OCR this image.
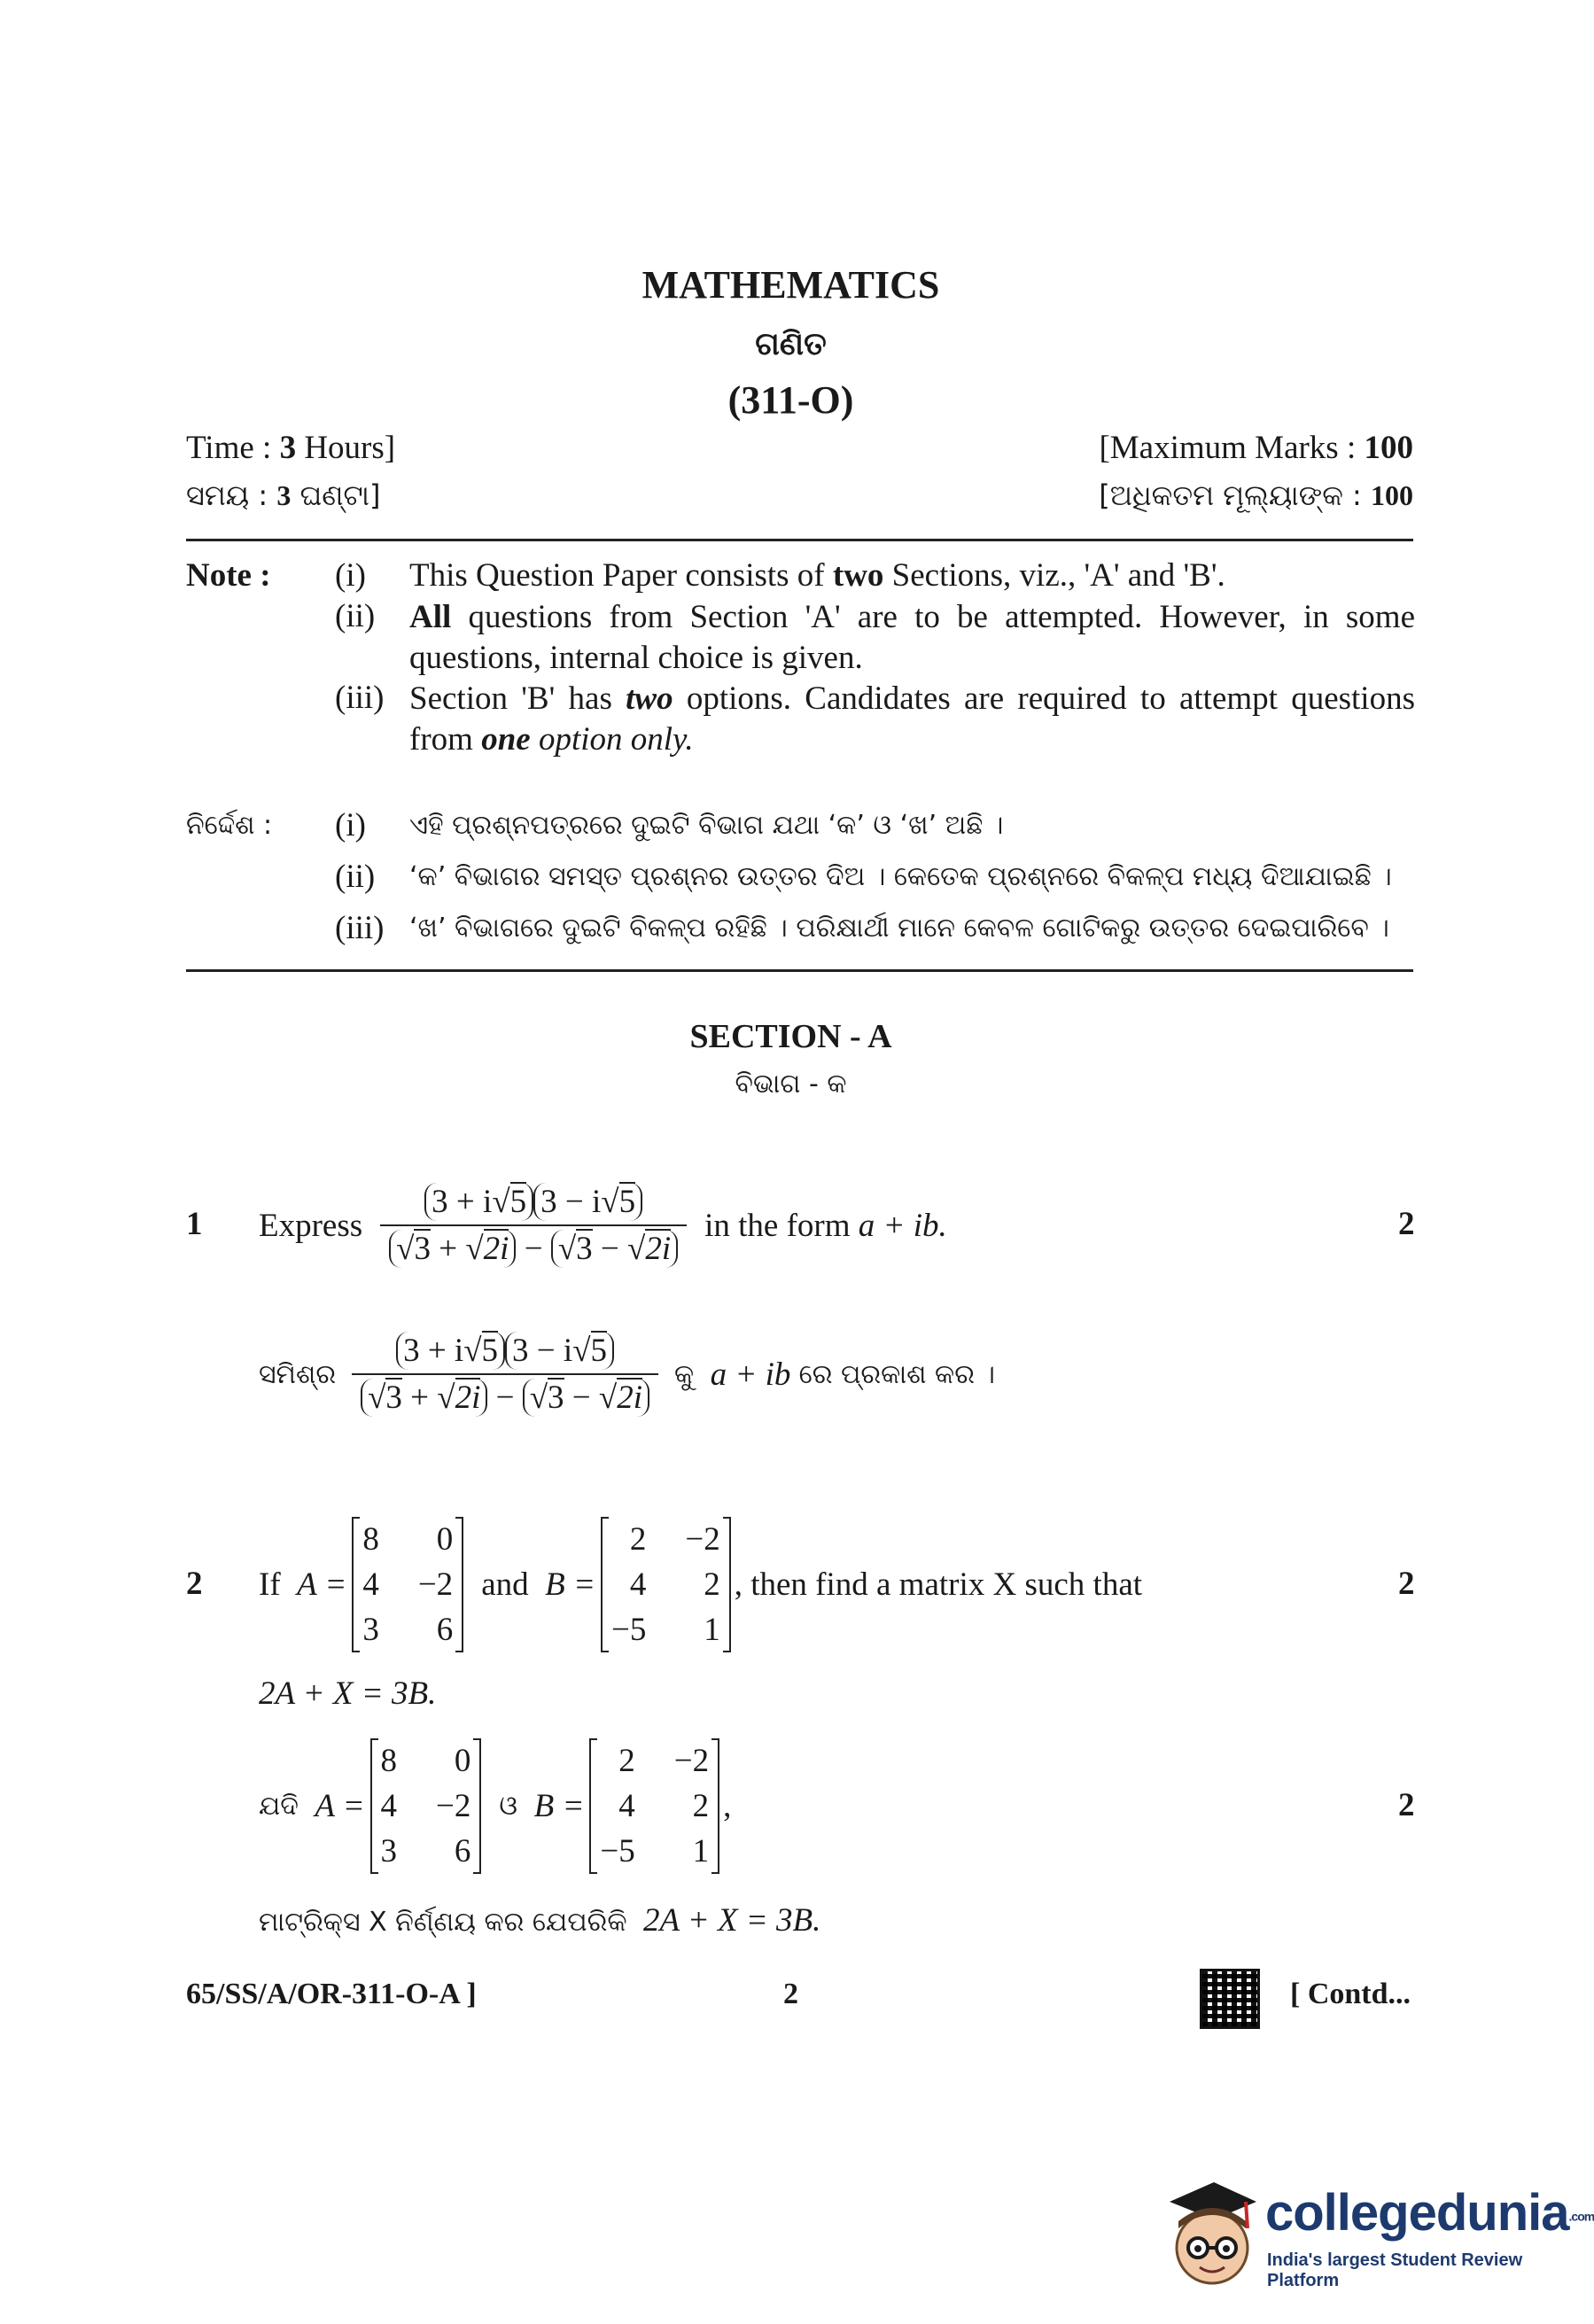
MATHEMATICS
ଗଣିତ
(311-O)
Time : 3 Hours]	[Maximum Marks : 100
ସମୟ : 3 ଘଣ୍ଟା]	[ଅଧିକତମ ମୂଲ୍ୟାଙ୍କ : 100
Note : (i) This Question Paper consists of two Sections, viz., 'A' and 'B'.
(ii) All questions from Section 'A' are to be attempted. However, in some questions, internal choice is given.
(iii) Section 'B' has two options. Candidates are required to attempt questions from one option only.
ନିର୍ଦ୍ଦେଶ : (i) ଏହି ପ୍ରଶ୍ନପତ୍ରରେ ଦୁଇଟି ବିଭାଗ ଯଥା ‘କ’ ଓ ‘ଖ’ ଅଛି ।
(ii) ‘କ’ ବିଭାଗର ସମସ୍ତ ପ୍ରଶ୍ନର ଉତ୍ତର ଦିଅ । କେତେକ ପ୍ରଶ୍ନରେ ବିକଳ୍ପ ମଧ୍ୟ ଦିଆଯାଇଛି ।
(iii) ‘ଖ’ ବିଭାଗରେ ଦୁଇଟି ବିକଳ୍ପ ରହିଛି । ପରିକ୍ଷାର୍ଥୀ ମାନେ କେବଳ ଗୋଟିକରୁ ଉତ୍ତର ଦେଇପାରିବେ ।
SECTION - A
ବିଭାଗ - କ
1	2
Express $\frac{3 + i√5 3 - i√5}{√3 + √2i - √3 - √2i}$ in the form
a + ib.
ସମିଶ୍ର $\frac{3 + i√5 3 - i√5}{√3 + √2i - √3 - √2i}$ କୁ
a + ib
ରେ ପ୍ରକାଶ କର ।
2	2
If
A =
8	0
4 −2
3	6
and
B =
2 −2
4	2
−5	1
, then find a matrix X such that
2A + X = 3B.
2
ଯଦି
A =
8	0
4 −2
3	6
ଓ
B =
2 −2
4	2
−5	1
,
ମାଟ୍ରିକ୍ସ X ନିର୍ଣ୍ଣୟ କର ଯେପରିକି 2A + X = 3B.
65/SS/A/OR-311-O-A ]	2	[ Contd...
collegedunia.com
India's largest Student Review Platform
